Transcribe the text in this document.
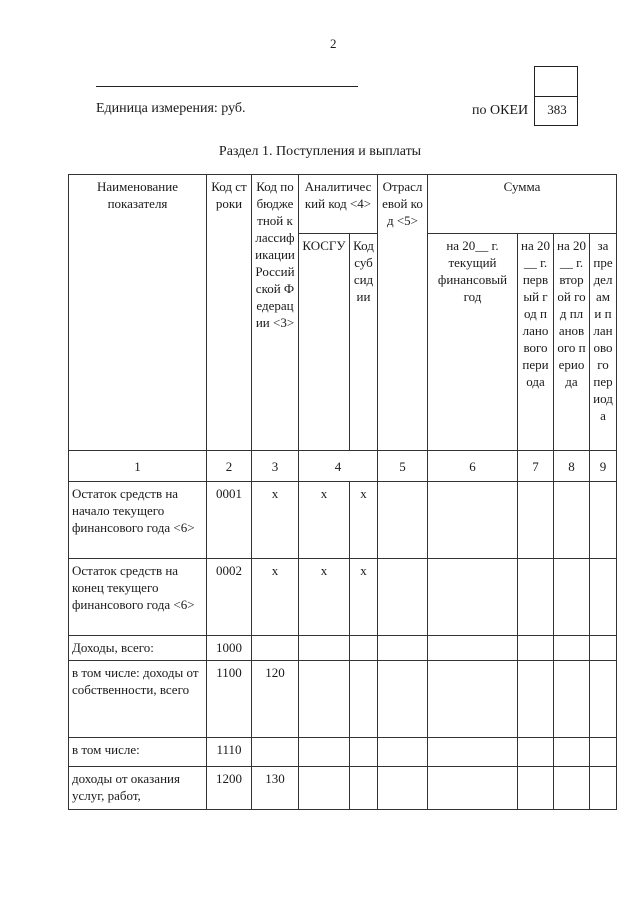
2
Единица измерения: руб.	по ОКЕИ	383
Раздел 1. Поступления и выплаты
Наименование показателя	Код строки	Код по бюджетной классификации Российской Федерации <3>	Аналитический код <4>		Отраслевой код <5>	Сумма			
			КОСГУ	Код субсидии		на 20__ г. текущий финансовый год	на 20__ г. первый год планового периода	на 20__ г. второй год планового периода	за пределами планового периода
1	2	3	4		5	6	7	8	9
Остаток средств на начало текущего финансового года <6>	0001	x	x	x					
Остаток средств на конец текущего финансового года <6>	0002	x	x	x					
Доходы, всего:	1000								
в том числе: доходы от собственности, всего	1100	120							
в том числе:	1110								
доходы от оказания услуг, работ,	1200	130							
